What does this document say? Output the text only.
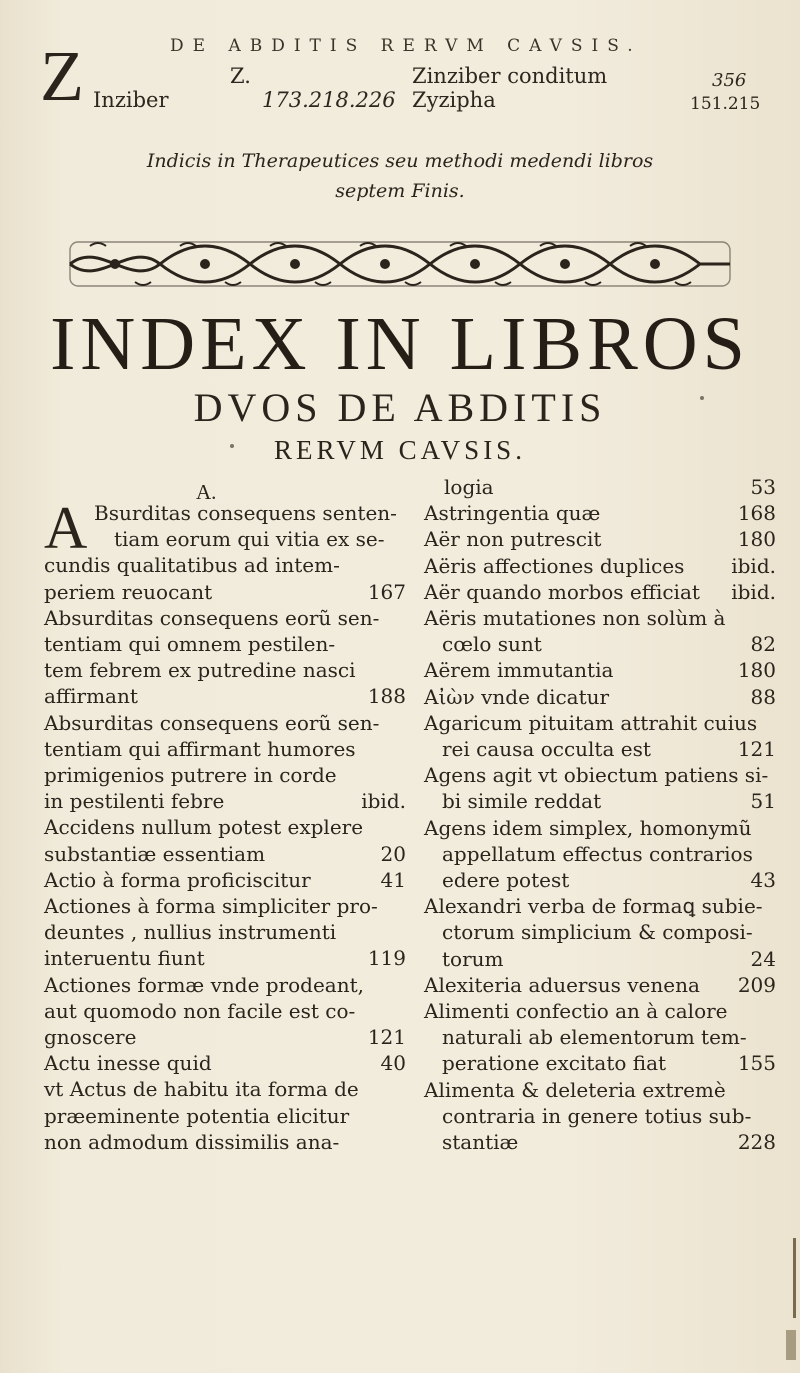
DE ABDITIS RERVM CAVSIS.
Z	Z.
Inziber	173.218.226
Zinziber conditum	356
Zyzipha	151.215
Indicis in Therapeutices seu methodi medendi libros
septem Finis.
INDEX IN LIBROS
DVOS DE ABDITIS
RERVM CAVSIS.
A.
A Bsurditas consequens senten-
tiam eorum qui vitia ex se-
cundis qualitatibus ad intem-
periem reuocant	167
Absurditas consequens eorũ sen-
tentiam qui omnem pestilen-
tem febrem ex putredine nasci
affirmant	188
Absurditas consequens eorũ sen-
tentiam qui affirmant humores
primigenios putrere in corde
in pestilenti febre	ibid.
Accidens nullum potest explere
substantiæ essentiam	20
Actio à forma proficiscitur	41
Actiones à forma simpliciter pro-
deuntes , nullius instrumenti
interuentu fiunt	119
Actiones formæ vnde prodeant,
aut quomodo non facile est co-
gnoscere	121
Actu inesse quid	40
vt Actus de habitu ita forma de
præeminente potentia elicitur
non admodum dissimilis ana-
logia	53
Astringentia quæ	168
Aër non putrescit	180
Aëris affectiones duplices ibid.
Aër quando morbos efficiat ibid.
Aëris mutationes non solùm à
cœlo sunt	82
Aërem immutantia	180
Aἰὼν vnde dicatur	88
Agaricum pituitam attrahit cuius
rei causa occulta est	121
Agens agit vt obiectum patiens si-
bi simile reddat	51
Agens idem simplex, homonymũ
appellatum effectus contrarios
edere potest	43
Alexandri verba de formaꝗ subie-
ctorum simplicium & composi-
torum	24
Alexiteria aduersus venena 209
Alimenti confectio an à calore
naturali ab elementorum tem-
peratione excitato fiat	155
Alimenta & deleteria extremè
contraria in genere totius sub-
stantiæ	228
